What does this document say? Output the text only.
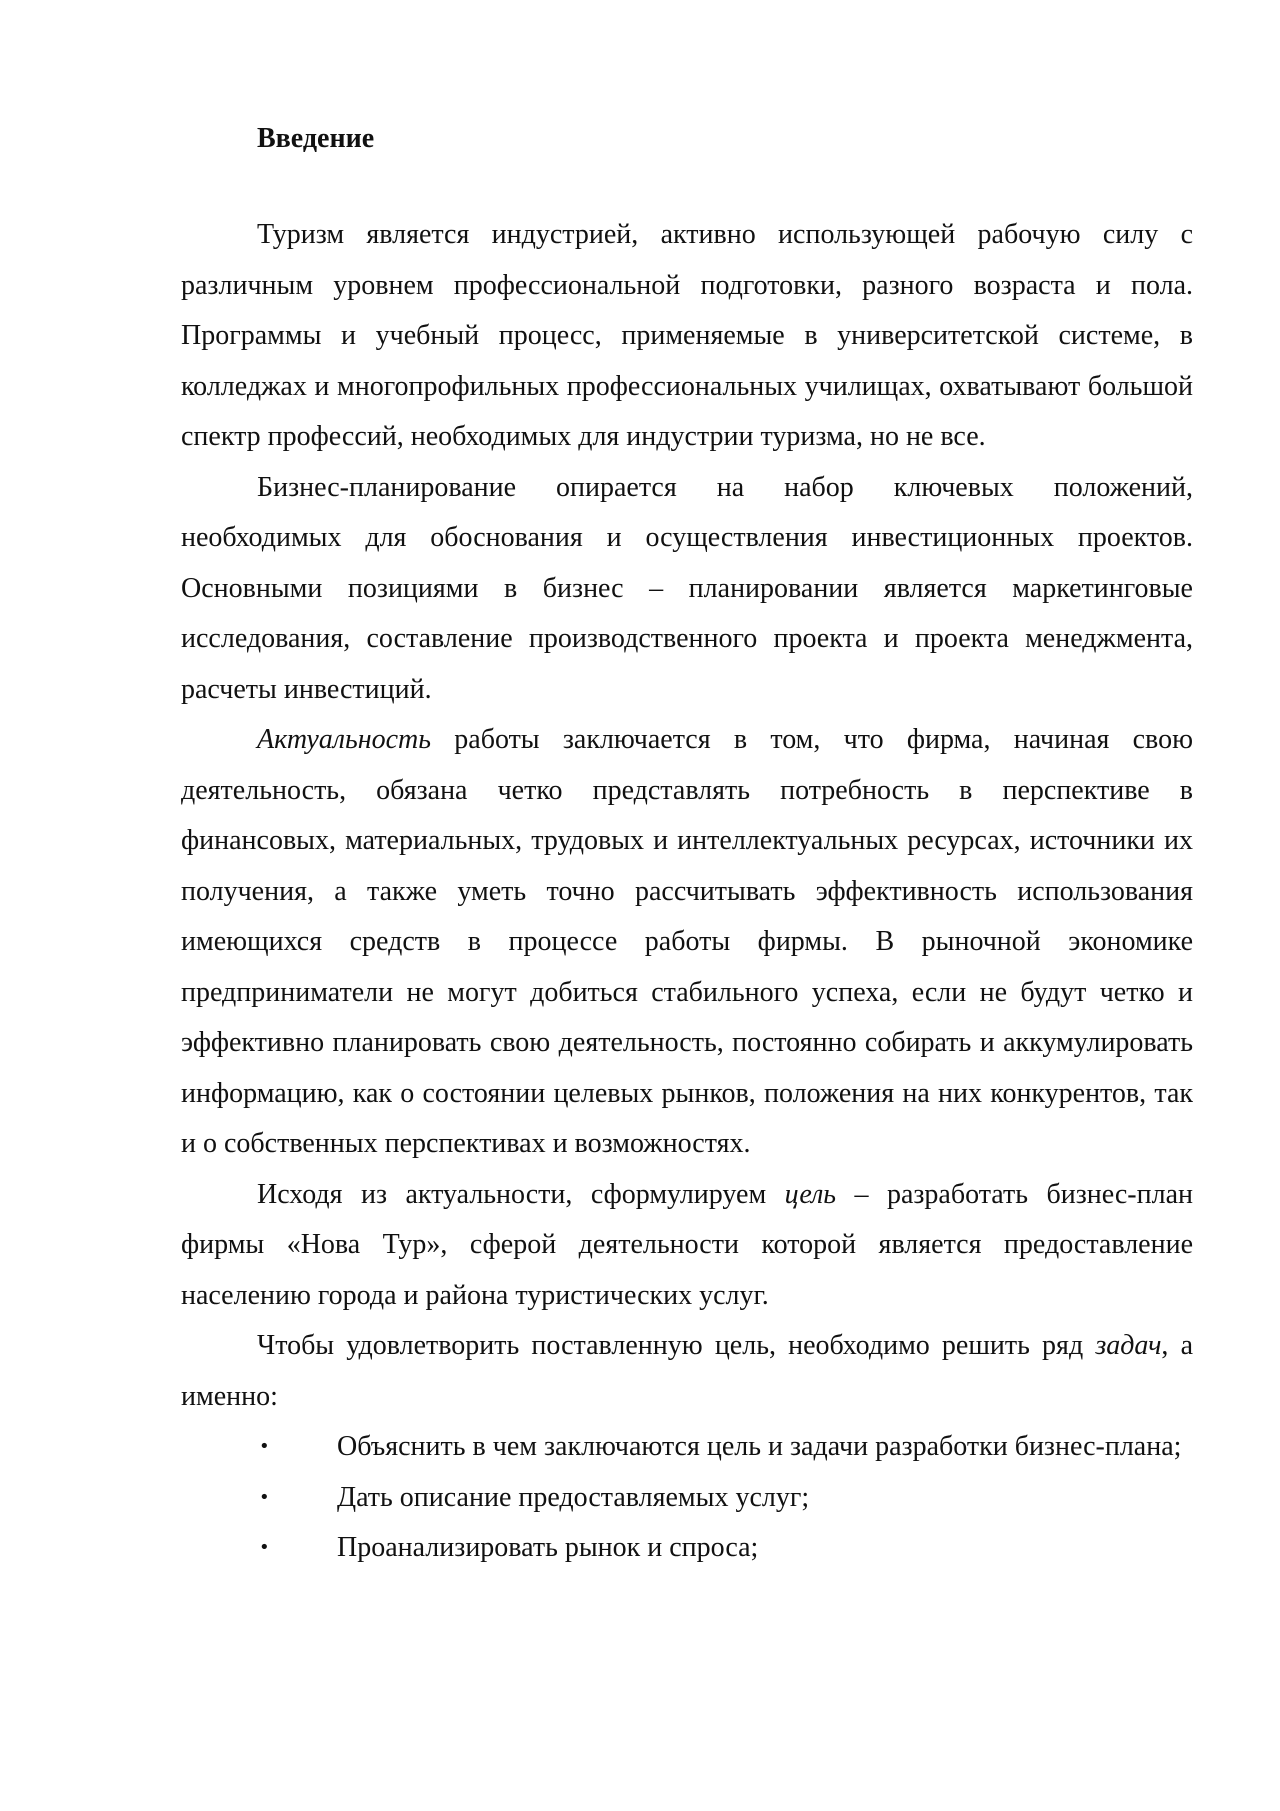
Введение

Туризм является индустрией, активно использующей рабочую силу с различным уровнем профессиональной подготовки, разного возраста и пола. Программы и учебный процесс, применяемые в университетской системе, в колледжах и многопрофильных профессиональных училищах, охватывают большой спектр профессий, необходимых для индустрии туризма, но не все.

Бизнес-планирование опирается на набор ключевых положений, необходимых для обоснования и осуществления инвестиционных проектов. Основными позициями в бизнес – планировании является маркетинговые исследования, составление производственного проекта и проекта менеджмента, расчеты инвестиций.

Актуальность работы заключается в том, что фирма, начиная свою деятельность, обязана четко представлять потребность в перспективе в финансовых, материальных, трудовых и интеллектуальных ресурсах, источники их получения, а также уметь точно рассчитывать эффективность использования имеющихся средств в процессе работы фирмы. В рыночной экономике предприниматели не могут добиться стабильного успеха, если не будут четко и эффективно планировать свою деятельность, постоянно собирать и аккумулировать информацию, как о состоянии целевых рынков, положения на них конкурентов, так и о собственных перспективах и возможностях.

Исходя из актуальности, сформулируем цель – разработать бизнес-план фирмы «Нова Тур», сферой деятельности которой является предоставление населению города и района туристических услуг.

Чтобы удовлетворить поставленную цель, необходимо решить ряд задач, а именно:

• Объяснить в чем заключаются цель и задачи разработки бизнес-плана;

• Дать описание предоставляемых услуг;

• Проанализировать рынок и спроса;
